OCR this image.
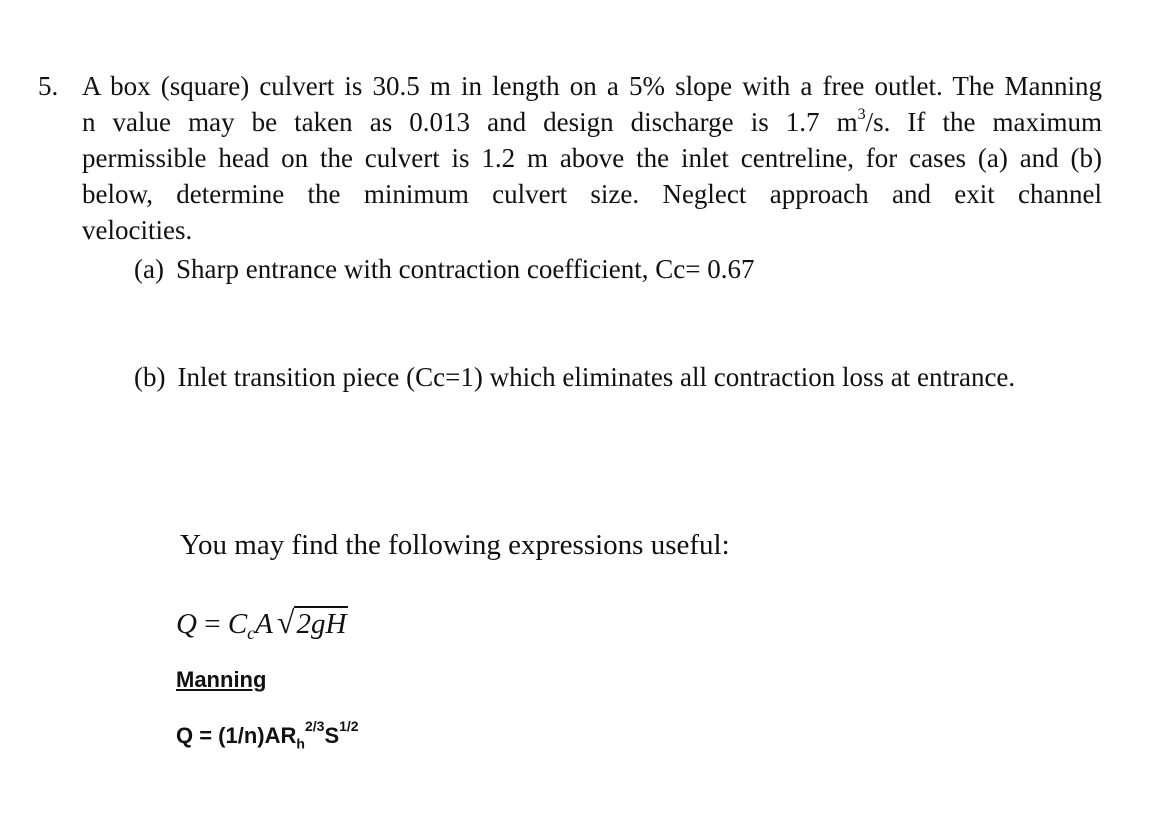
5. A box (square) culvert is 30.5 m in length on a 5% slope with a free outlet. The Manning
n value may be taken as 0.013 and design discharge is 1.7 $m^3/s$. If the maximum
permissible head on the culvert is 1.2 m above the inlet centreline, for cases (a) and (b)
below, determine the minimum culvert size. Neglect approach and exit channel
velocities.
(a) Sharp entrance with contraction coefficient, Cc= 0.67
(b) Inlet transition piece (Cc=1) which eliminates all contraction loss at entrance.
You may find the following expressions useful:
$Q = C_cA$ √2gH
Manning
$Q = (1/n)AR_h^{2/3}S^{1/2}$
